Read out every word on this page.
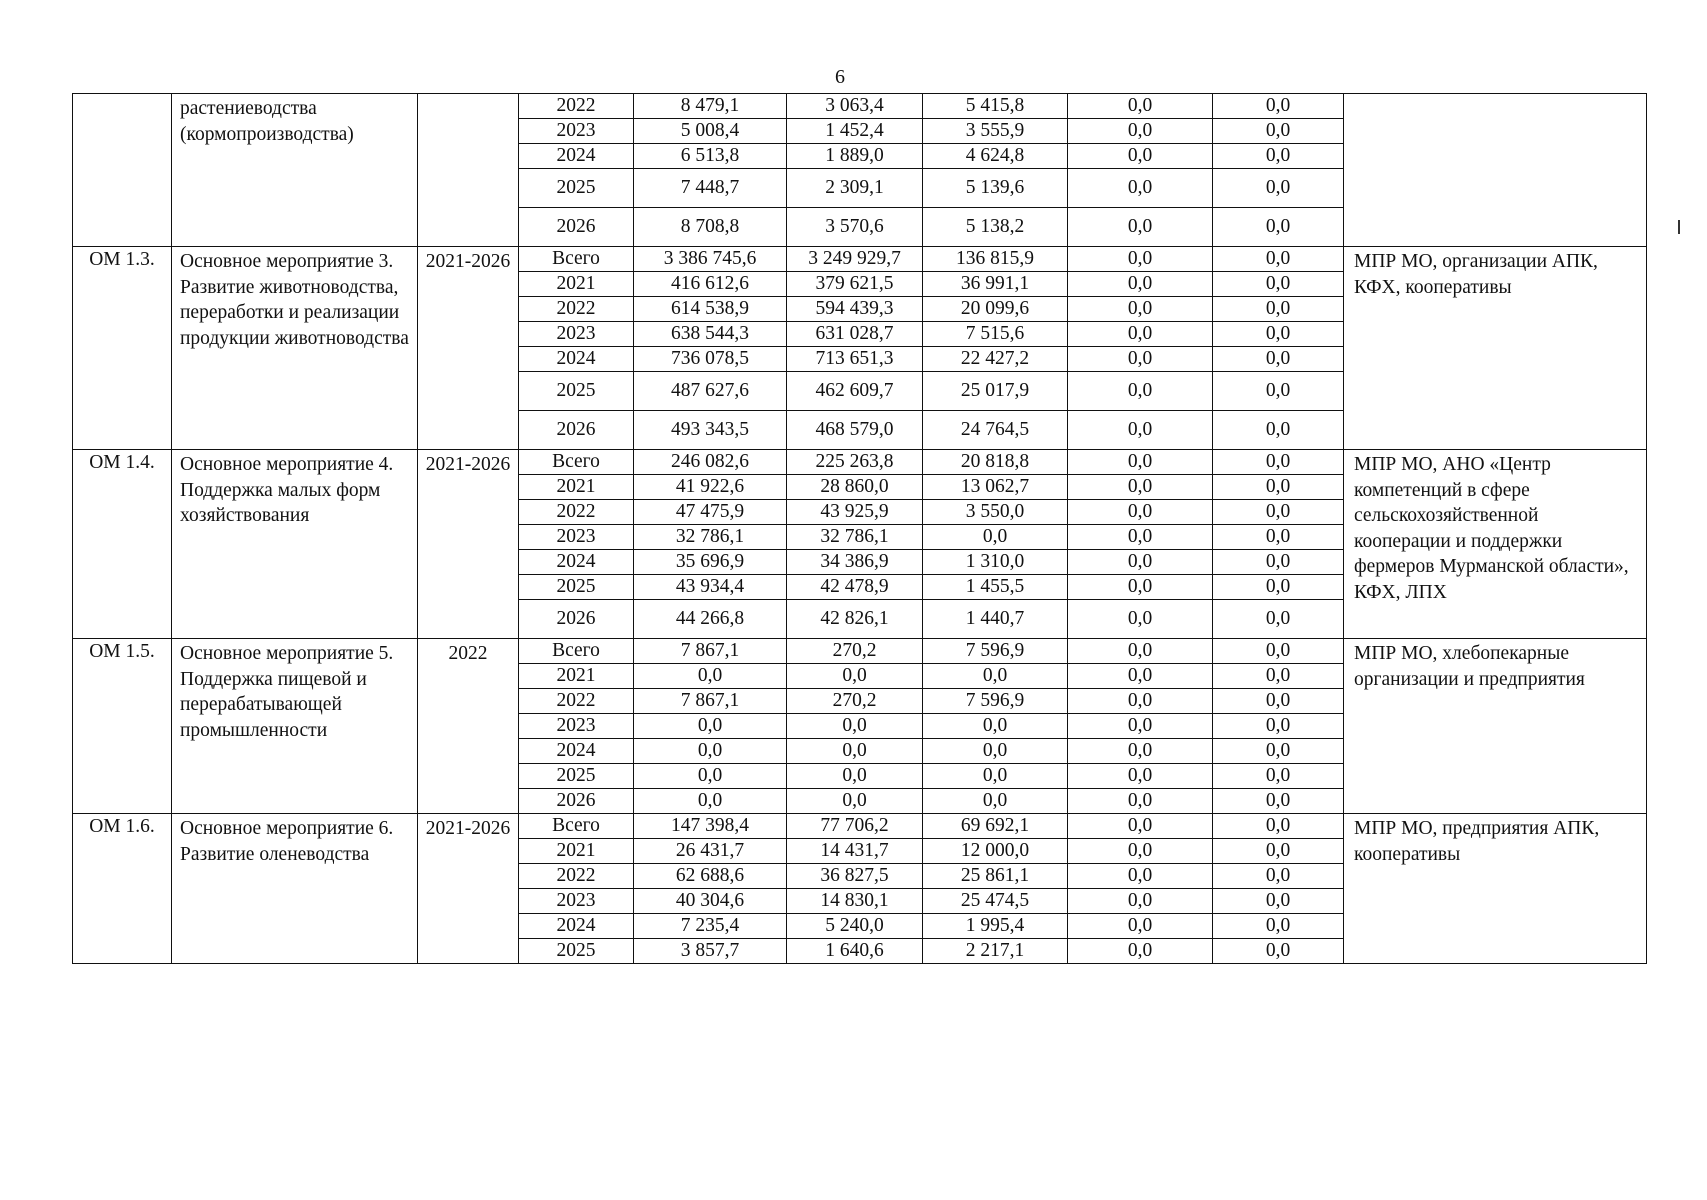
6
	растениеводства (кормопроизводства)		2022	8 479,1	3 063,4	5 415,8	0,0	0,0	
			2023	5 008,4	1 452,4	3 555,9	0,0	0,0	
			2024	6 513,8	1 889,0	4 624,8	0,0	0,0	
			2025	7 448,7	2 309,1	5 139,6	0,0	0,0	
			2026	8 708,8	3 570,6	5 138,2	0,0	0,0	
ОМ 1.3.	Основное мероприятие 3. Развитие животноводства, переработки и реализации продукции животноводства	2021-2026	Всего	3 386 745,6	3 249 929,7	136 815,9	0,0	0,0	МПР МО, организации АПК, КФХ, кооперативы
			2021	416 612,6	379 621,5	36 991,1	0,0	0,0	
			2022	614 538,9	594 439,3	20 099,6	0,0	0,0	
			2023	638 544,3	631 028,7	7 515,6	0,0	0,0	
			2024	736 078,5	713 651,3	22 427,2	0,0	0,0	
			2025	487 627,6	462 609,7	25 017,9	0,0	0,0	
			2026	493 343,5	468 579,0	24 764,5	0,0	0,0	
ОМ 1.4.	Основное мероприятие 4. Поддержка малых форм хозяйствования	2021-2026	Всего	246 082,6	225 263,8	20 818,8	0,0	0,0	МПР МО, АНО «Центр компетенций в сфере сельскохозяйственной кооперации и поддержки фермеров Мурманской области», КФХ, ЛПХ
			2021	41 922,6	28 860,0	13 062,7	0,0	0,0	
			2022	47 475,9	43 925,9	3 550,0	0,0	0,0	
			2023	32 786,1	32 786,1	0,0	0,0	0,0	
			2024	35 696,9	34 386,9	1 310,0	0,0	0,0	
			2025	43 934,4	42 478,9	1 455,5	0,0	0,0	
			2026	44 266,8	42 826,1	1 440,7	0,0	0,0	
ОМ 1.5.	Основное мероприятие 5. Поддержка пищевой и перерабатывающей промышленности	2022	Всего	7 867,1	270,2	7 596,9	0,0	0,0	МПР МО, хлебопекарные организации и предприятия
			2021	0,0	0,0	0,0	0,0	0,0	
			2022	7 867,1	270,2	7 596,9	0,0	0,0	
			2023	0,0	0,0	0,0	0,0	0,0	
			2024	0,0	0,0	0,0	0,0	0,0	
			2025	0,0	0,0	0,0	0,0	0,0	
			2026	0,0	0,0	0,0	0,0	0,0	
ОМ 1.6.	Основное мероприятие 6. Развитие оленеводства	2021-2026	Всего	147 398,4	77 706,2	69 692,1	0,0	0,0	МПР МО, предприятия АПК, кооперативы
			2021	26 431,7	14 431,7	12 000,0	0,0	0,0	
			2022	62 688,6	36 827,5	25 861,1	0,0	0,0	
			2023	40 304,6	14 830,1	25 474,5	0,0	0,0	
			2024	7 235,4	5 240,0	1 995,4	0,0	0,0	
			2025	3 857,7	1 640,6	2 217,1	0,0	0,0	
